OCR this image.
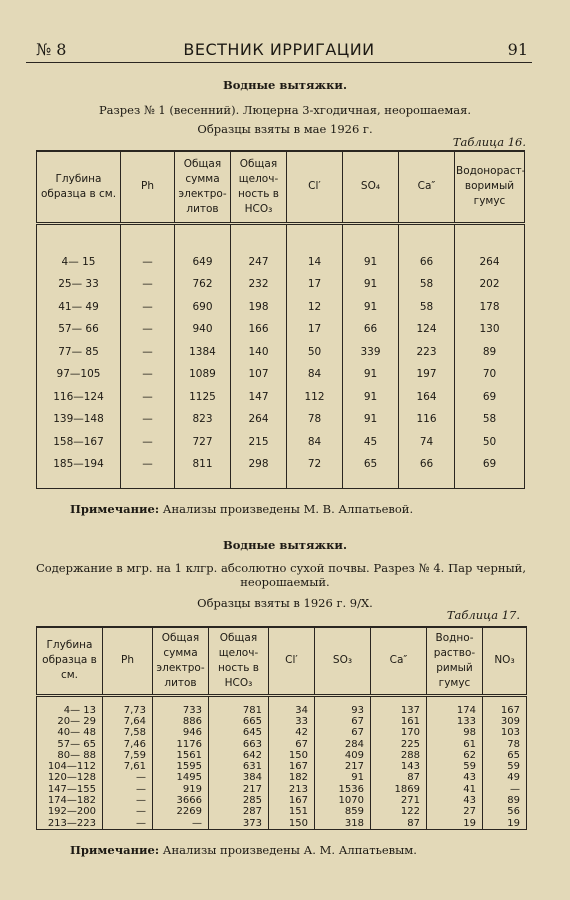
№ 8	ВЕСТНИК ИРРИГАЦИИ	91
Водные вытяжки.
Разрез № 1 (весенний). Люцерна 3-хгодичная, неорошаемая.
Образцы взяты в мае 1926 г.
Таблица 16.
Глубина образца в см.	Ph	Общая сумма электро-литов	Общая щелоч-ность в HCO₃	Cl′	SO₄	Ca″	Водонораст-воримый гумус

4— 15	—	649	247	14	91	66	264
25— 33	—	762	232	17	91	58	202
41— 49	—	690	198	12	91	58	178
57— 66	—	940	166	17	66	124	130
77— 85	—	1384	140	50	339	223	89
97—105	—	1089	107	84	91	197	70
116—124	—	1125	147	112	91	164	69
139—148	—	823	264	78	91	116	58
158—167	—	727	215	84	45	74	50
185—194	—	811	298	72	65	66	69

Примечание: Анализы произведены М. В. Алпатьевой.
Водные вытяжки.
Содержание в мгр. на 1 клгр. абсолютно сухой почвы. Разрез № 4. Пар черный,
неорошаемый.
Образцы взяты в 1926 г. 9/X.
Таблица 17.
Глубина образца в см.	Ph	Общая сумма электро-литов	Общая щелоч-ность в HCO₃	Cl′	SO₃	Ca″	Водно-раство-римый гумус	NO₃

4— 13	7,73	733	781	34	93	137	174	167
20— 29	7,64	886	665	33	67	161	133	309
40— 48	7,58	946	645	42	67	170	98	103
57— 65	7,46	1176	663	67	284	225	61	78
80— 88	7,59	1561	642	150	409	288	62	65
104—112	7,61	1595	631	167	217	143	59	59
120—128	—	1495	384	182	91	87	43	49
147—155	—	919	217	213	1536	1869	41	—
174—182	—	3666	285	167	1070	271	43	89
192—200	—	2269	287	151	859	122	27	56
213—223	—	—	373	150	318	87	19	19
Примечание: Анализы произведены А. М. Алпатьевым.
